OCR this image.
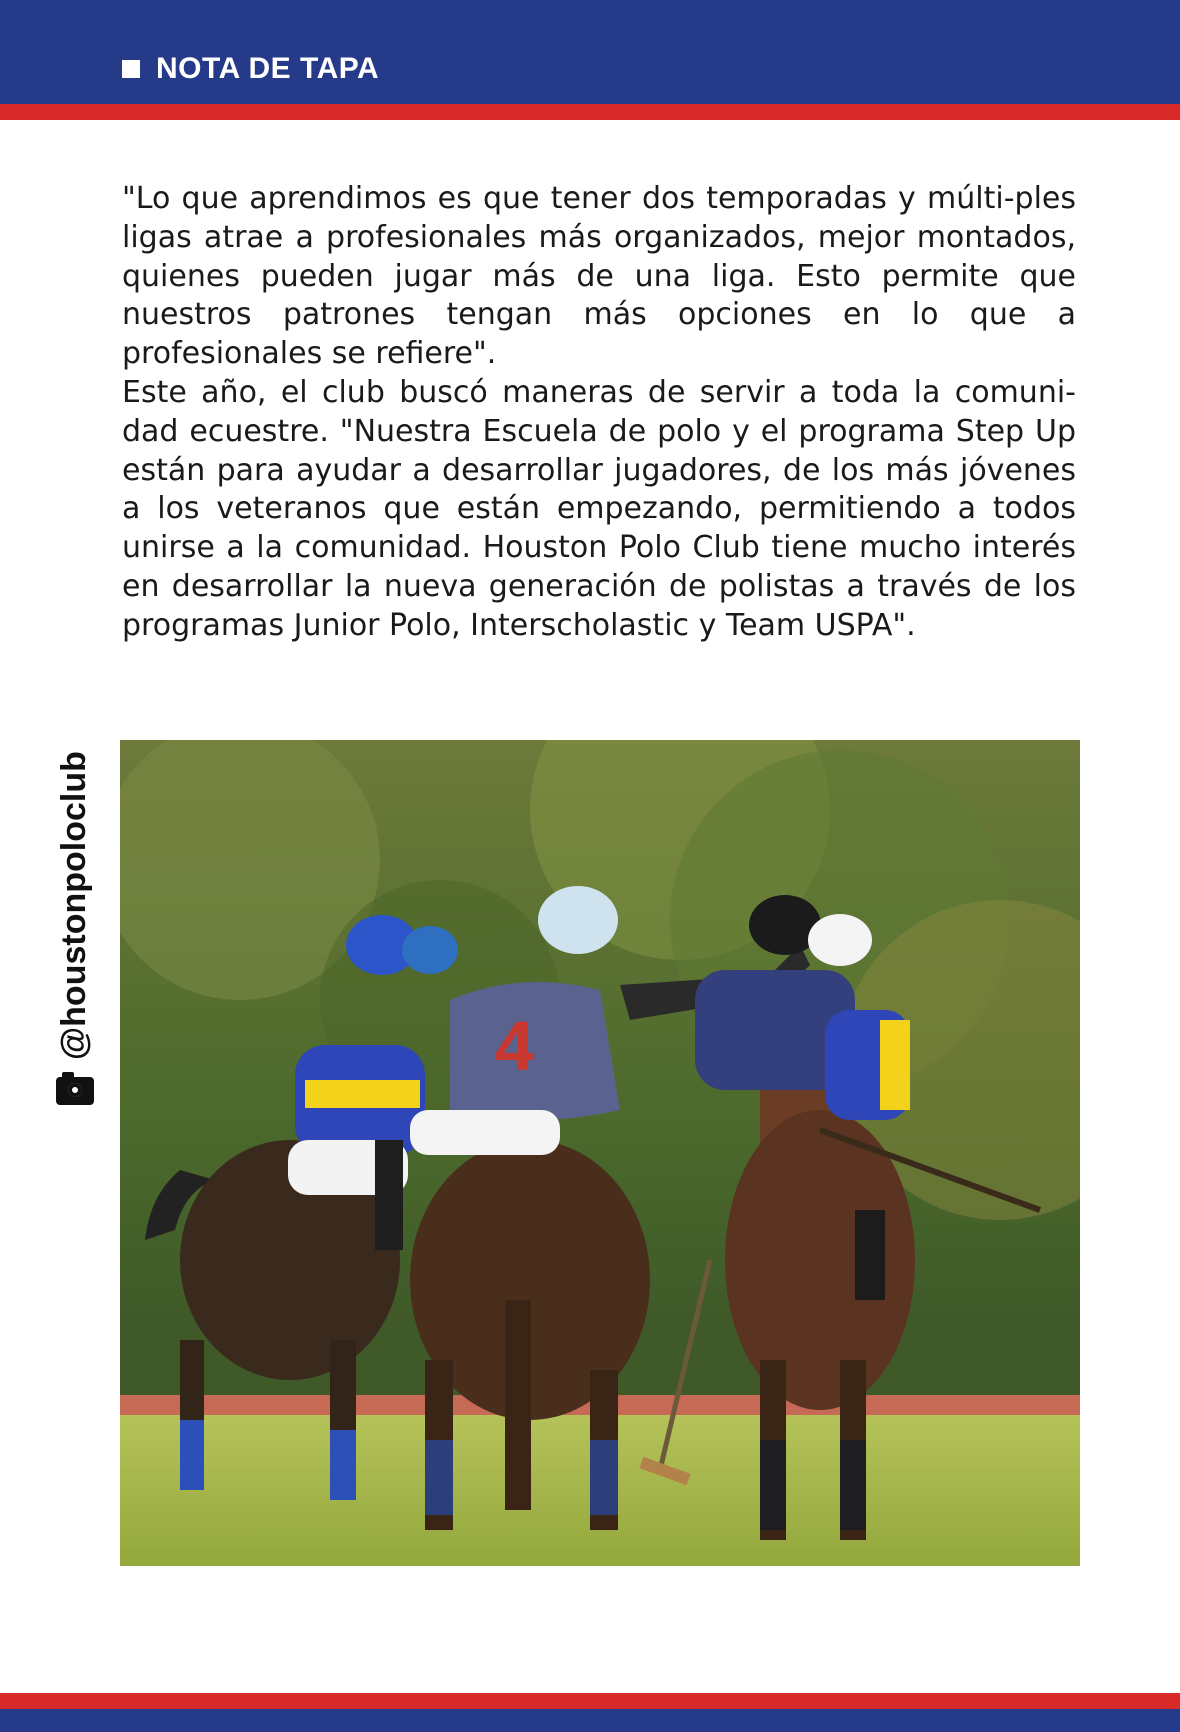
NOTA DE TAPA

"Lo que aprendimos es que tener dos temporadas y múlti-ples ligas atrae a profesionales más organizados, mejor montados, quienes pueden jugar más de una liga. Esto permite que nuestros patrones tengan más opciones en lo que a profesionales se refiere".

Este año, el club buscó maneras de servir a toda la comuni-dad ecuestre. "Nuestra Escuela de polo y el programa Step Up están para ayudar a desarrollar jugadores, de los más jóvenes a los veteranos que están empezando, permitiendo a todos unirse a la comunidad. Houston Polo Club tiene mucho interés en desarrollar la nueva generación de polistas a través de los programas Junior Polo, Interscholastic y Team USPA".

@houstonpoloclub	4
